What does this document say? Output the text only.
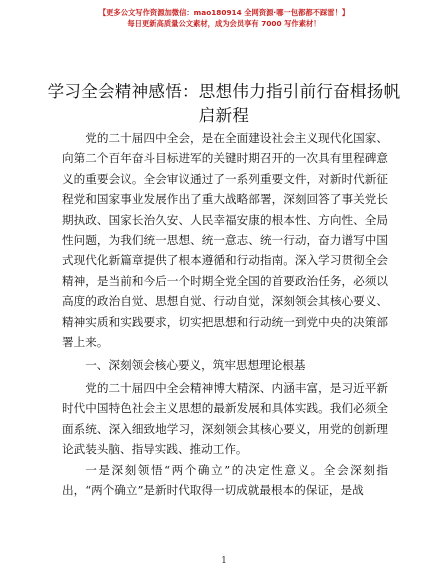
【更多公文写作资源加微信：mao180914 全网资源·哪一包都都不踩雷！】
每日更新高质量公文素材，成为会员享有 7000 写作素材！
学习全会精神感悟：思想伟力指引前行奋楫扬帆启新程

党的二十届四中全会，是在全面建设社会主义现代化国家、向第二个百年奋斗目标进军的关键时期召开的一次具有里程碑意义的重要会议。全会审议通过了一系列重要文件，对新时代新征程党和国家事业发展作出了重大战略部署，深刻回答了事关党长期执政、国家长治久安、人民幸福安康的根本性、方向性、全局性问题，为我们统一思想、统一意志、统一行动，奋力谱写中国式现代化新篇章提供了根本遵循和行动指南。深入学习贯彻全会精神，是当前和今后一个时期全党全国的首要政治任务，必须以高度的政治自觉、思想自觉、行动自觉，深刻领会其核心要义、精神实质和实践要求，切实把思想和行动统一到党中央的决策部署上来。

一、深刻领会核心要义，筑牢思想理论根基

党的二十届四中全会精神博大精深、内涵丰富，是习近平新时代中国特色社会主义思想的最新发展和具体实践。我们必须全面系统、深入细致地学习，深刻领会其核心要义，用党的创新理论武装头脑、指导实践、推动工作。

一是深刻领悟“两个确立”的决定性意义。全会深刻指出，“两个确立”是新时代取得一切成就最根本的保证，是战

1
